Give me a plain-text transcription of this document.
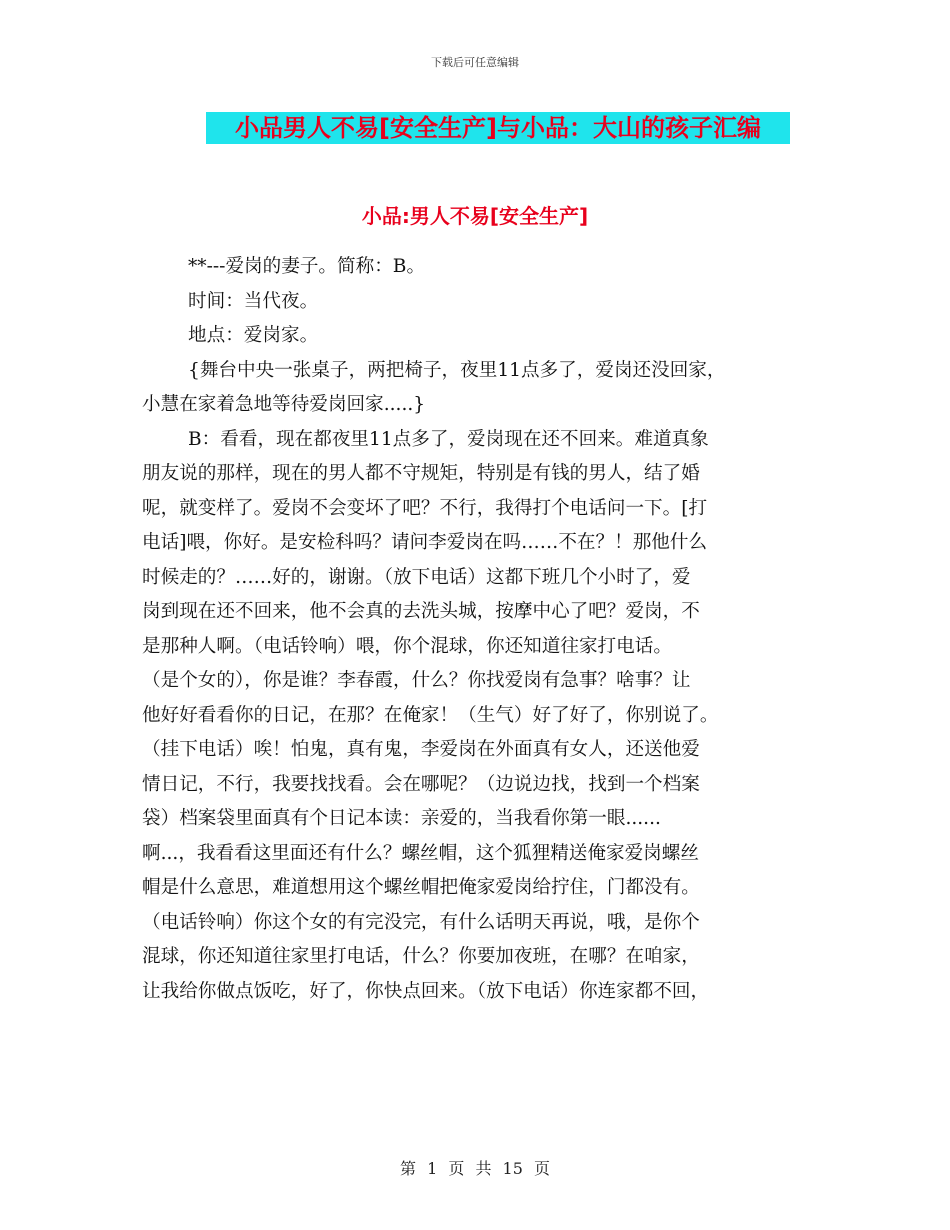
下载后可任意编辑
小品男人不易[安全生产]与小品：大山的孩子汇编
小品:男人不易[安全生产]
**---爱岗的妻子。简称：B。
时间：当代夜。
地点：爱岗家。
{舞台中央一张桌子，两把椅子，夜里11点多了，爱岗还没回家，
小慧在家着急地等待爱岗回家.....}
B：看看，现在都夜里11点多了，爱岗现在还不回来。难道真象
朋友说的那样，现在的男人都不守规矩，特别是有钱的男人，结了婚
呢，就变样了。爱岗不会变坏了吧？不行，我得打个电话问一下。[打
电话]喂，你好。是安检科吗？请问李爱岗在吗……不在？！那他什么
时候走的？……好的，谢谢。（放下电话）这都下班几个小时了，爱
岗到现在还不回来，他不会真的去洗头城，按摩中心了吧？爱岗，不
是那种人啊。（电话铃响）喂，你个混球，你还知道往家打电话。
（是个女的），你是谁？李春霞，什么？你找爱岗有急事？啥事？让
他好好看看你的日记，在那？在俺家！（生气）好了好了，你别说了。
（挂下电话）唉！怕鬼，真有鬼，李爱岗在外面真有女人，还送他爱
情日记，不行，我要找找看。会在哪呢？（边说边找，找到一个档案
袋）档案袋里面真有个日记本读：亲爱的，当我看你第一眼......
啊...，我看看这里面还有什么？螺丝帽，这个狐狸精送俺家爱岗螺丝
帽是什么意思，难道想用这个螺丝帽把俺家爱岗给拧住，门都没有。
（电话铃响）你这个女的有完没完，有什么话明天再说，哦，是你个
混球，你还知道往家里打电话，什么？你要加夜班，在哪？在咱家，
让我给你做点饭吃，好了，你快点回来。（放下电话）你连家都不回，
第 1 页 共 15 页
